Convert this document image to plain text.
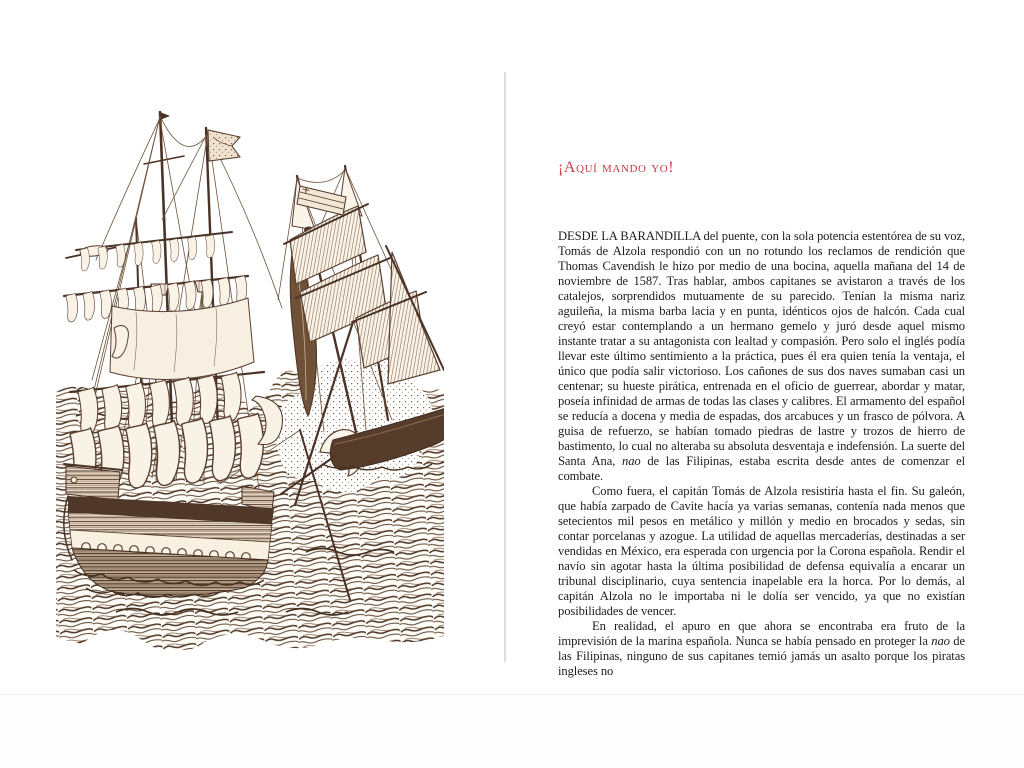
¡Aquí mando yo!

DESDE LA BARANDILLA del puente, con la sola potencia estentórea de su voz, Tomás de Alzola respondió con un no rotundo los reclamos de rendición que Thomas Cavendish le hizo por medio de una bocina, aquella mañana del 14 de noviembre de 1587. Tras hablar, ambos capitanes se avistaron a través de los catalejos, sorprendidos mutuamente de su parecido. Tenían la misma nariz aguileña, la misma barba lacia y en punta, idénticos ojos de halcón. Cada cual creyó estar contemplando a un hermano gemelo y juró desde aquel mismo instante tratar a su antagonista con lealtad y compasión. Pero solo el inglés podía llevar este último sentimiento a la práctica, pues él era quien tenía la ventaja, el único que podía salir victorioso. Los cañones de sus dos naves sumaban casi un centenar; su hueste pirática, entrenada en el oficio de guerrear, abordar y matar, poseía infinidad de armas de todas las clases y calibres. El armamento del español se reducía a docena y media de espadas, dos arcabuces y un frasco de pólvora. A guisa de refuerzo, se habían tomado piedras de lastre y trozos de hierro de bastimento, lo cual no alteraba su absoluta desventaja e indefensión. La suerte del Santa Ana, nao de las Filipinas, estaba escrita desde antes de comenzar el combate.

Como fuera, el capitán Tomás de Alzola resistiría hasta el fin. Su galeón, que había zarpado de Cavite hacía ya varias semanas, contenía nada menos que setecientos mil pesos en metálico y millón y medio en brocados y sedas, sin contar porcelanas y azogue. La utilidad de aquellas mercaderías, destinadas a ser vendidas en México, era esperada con urgencia por la Corona española. Rendir el navío sin agotar hasta la última posibilidad de defensa equivalía a encarar un tribunal disciplinario, cuya sentencia inapelable era la horca. Por lo demás, al capitán Alzola no le importaba ni le dolía ser vencido, ya que no existían posibilidades de vencer.

En realidad, el apuro en que ahora se encontraba era fruto de la imprevisión de la marina española. Nunca se había pensado en proteger la nao de las Filipinas, ninguno de sus capitanes temió jamás un asalto porque los piratas ingleses no
